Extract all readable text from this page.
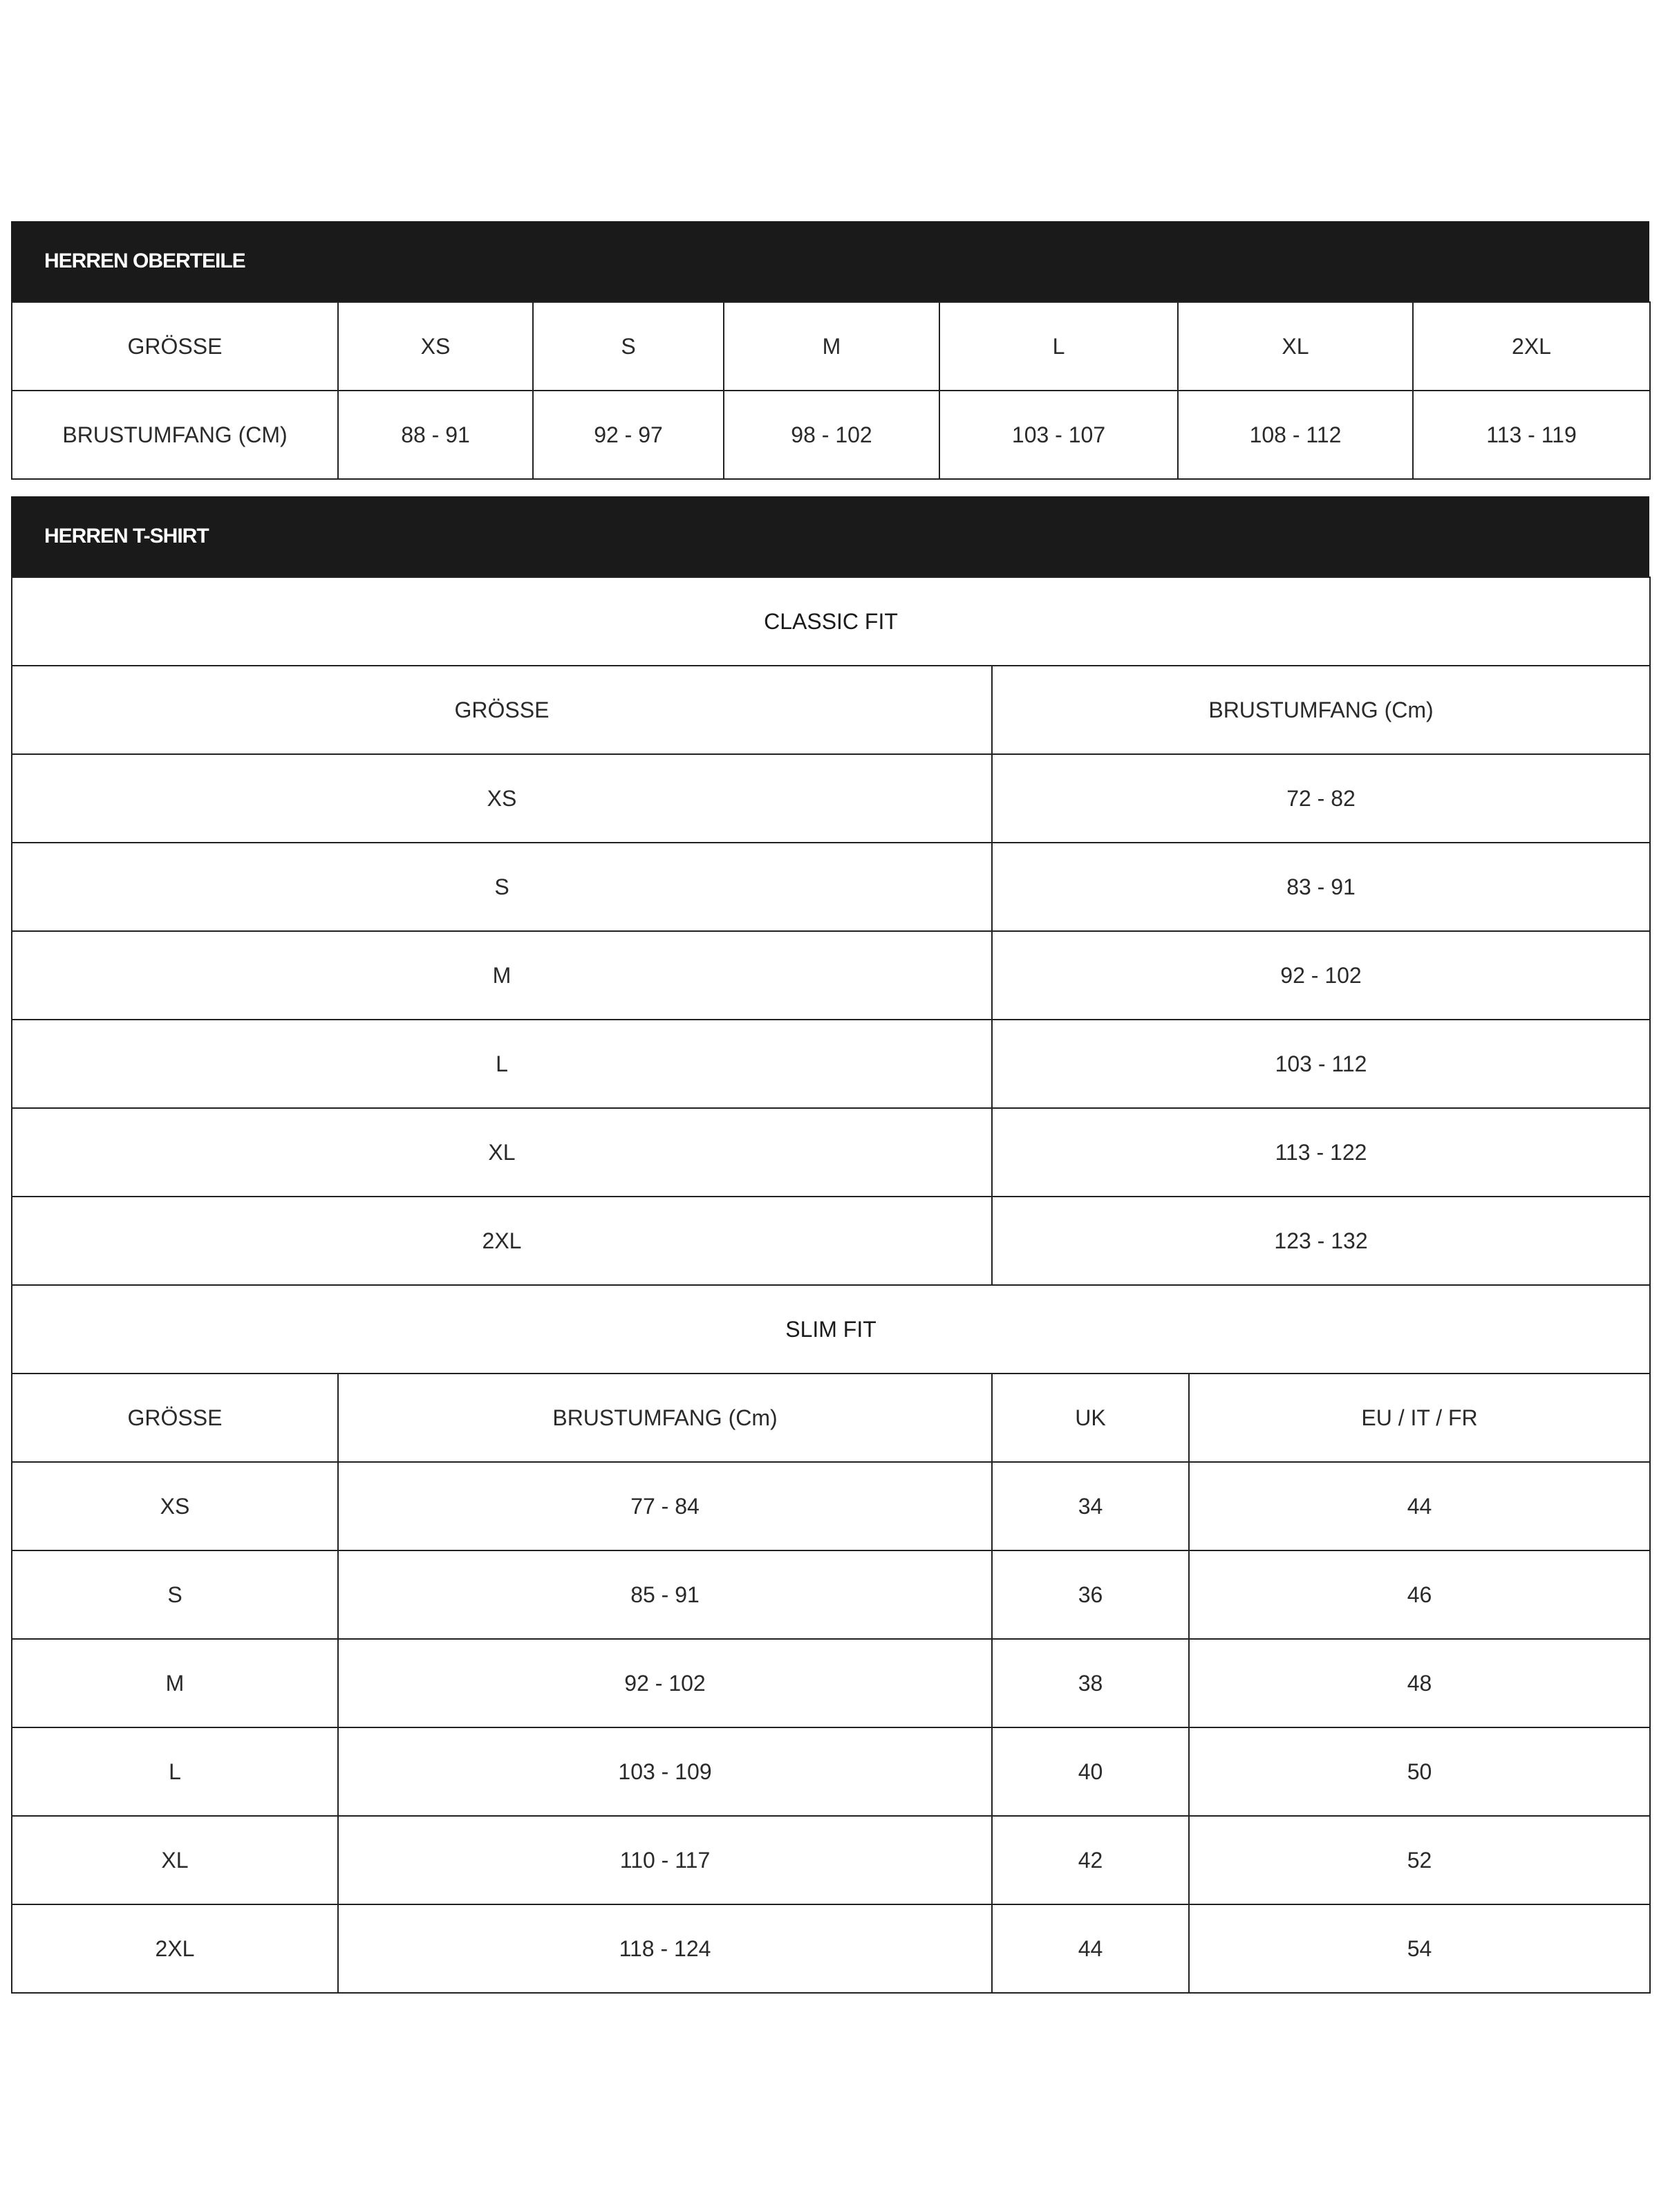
HERREN OBERTEILE
GRÖSSE	XS	S	M	L	XL	2XL
BRUSTUMFANG (CM)	88 - 91	92 - 97	98 - 102	103 - 107	108 - 112	113 - 119
HERREN T-SHIRT
CLASSIC FIT	
GRÖSSE	BRUSTUMFANG (Cm)
XS	72 - 82
S	83 - 91
M	92 - 102
L	103 - 112
XL	113 - 122
2XL	123 - 132
SLIM FIT			
GRÖSSE	BRUSTUMFANG (Cm)	UK	EU / IT / FR
XS	77 - 84	34	44
S	85 - 91	36	46
M	92 - 102	38	48
L	103 - 109	40	50
XL	110 - 117	42	52
2XL	118 - 124	44	54
